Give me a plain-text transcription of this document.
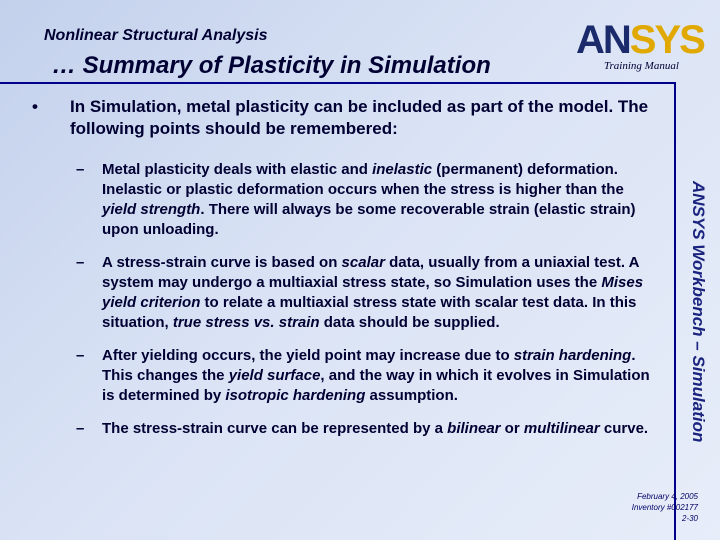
Nonlinear Structural Analysis
… Summary of Plasticity in Simulation
ANSYS
Training Manual
ANSYS Workbench – Simulation
• In Simulation, metal plasticity can be included as part of the model. The following points should be remembered:
– Metal plasticity deals with elastic and inelastic (permanent) deformation. Inelastic or plastic deformation occurs when the stress is higher than the yield strength. There will always be some recoverable strain (elastic strain) upon unloading.
– A stress-strain curve is based on scalar data, usually from a uniaxial test. A system may undergo a multiaxial stress state, so Simulation uses the Mises yield criterion to relate a multiaxial stress state with scalar test data. In this situation, true stress vs. strain data should be supplied.
– After yielding occurs, the yield point may increase due to strain hardening. This changes the yield surface, and the way in which it evolves in Simulation is determined by isotropic hardening assumption.
– The stress-strain curve can be represented by a bilinear or multilinear curve.
February 4, 2005
Inventory #002177
2-30
